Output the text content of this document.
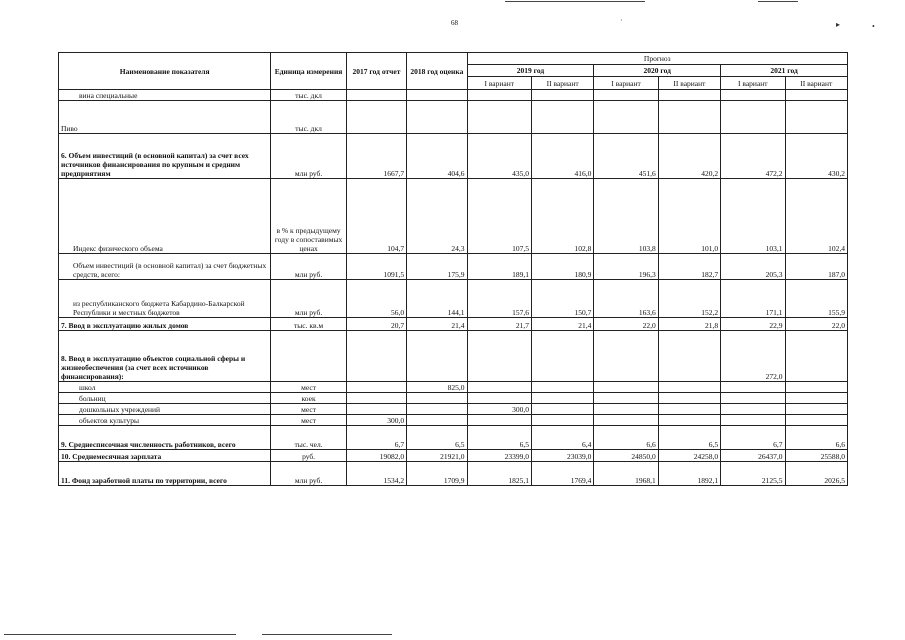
68	·	▸	•
Наименование показателя	Единица измерения	2017 год отчет	2018 год оценка	Прогноз					
				2019 год		2020 год		2021 год	
				I вариант	II вариант	I вариант	II вариант	I вариант	II вариант
вина специальные	тыс. дкл								
Пиво	тыс. дкл								
6. Объем инвестиций (в основной капитал) за счет всех источников финансирования по крупным и средним предприятиям	млн руб.	1667,7	404,6	435,0	416,0	451,6	420,2	472,2	430,2
Индекс физического объема	в % к предыдущему году в сопоставимых ценах	104,7	24,3	107,5	102,8	103,8	101,0	103,1	102,4
Объем инвестиций (в основной капитал) за счет бюджетных средств, всего:	млн руб.	1091,5	175,9	189,1	180,9	196,3	182,7	205,3	187,0
из республиканского бюджета Кабардино-Балкарской Республики и местных бюджетов	млн руб.	56,0	144,1	157,6	150,7	163,6	152,2	171,1	155,9
7. Ввод в эксплуатацию жилых домов	тыс. кв.м	20,7	21,4	21,7	21,4	22,0	21,8	22,9	22,0
8. Ввод в эксплуатацию объектов социальной сферы и жизнеобеспечения (за счет всех источников финансирования):								272,0	
школ	мест		825,0						
больниц	коек								
дошкольных учреждений	мест			300,0					
объектов культуры	мест	300,0							
9. Среднесписочная численность работников, всего	тыс. чел.	6,7	6,5	6,5	6,4	6,6	6,5	6,7	6,6
10. Среднемесячная зарплата	руб.	19082,0	21921,0	23399,0	23039,0	24850,0	24258,0	26437,0	25588,0
11. Фонд заработной платы по территории, всего	млн руб.	1534,2	1709,9	1825,1	1769,4	1968,1	1892,1	2125,5	2026,5
